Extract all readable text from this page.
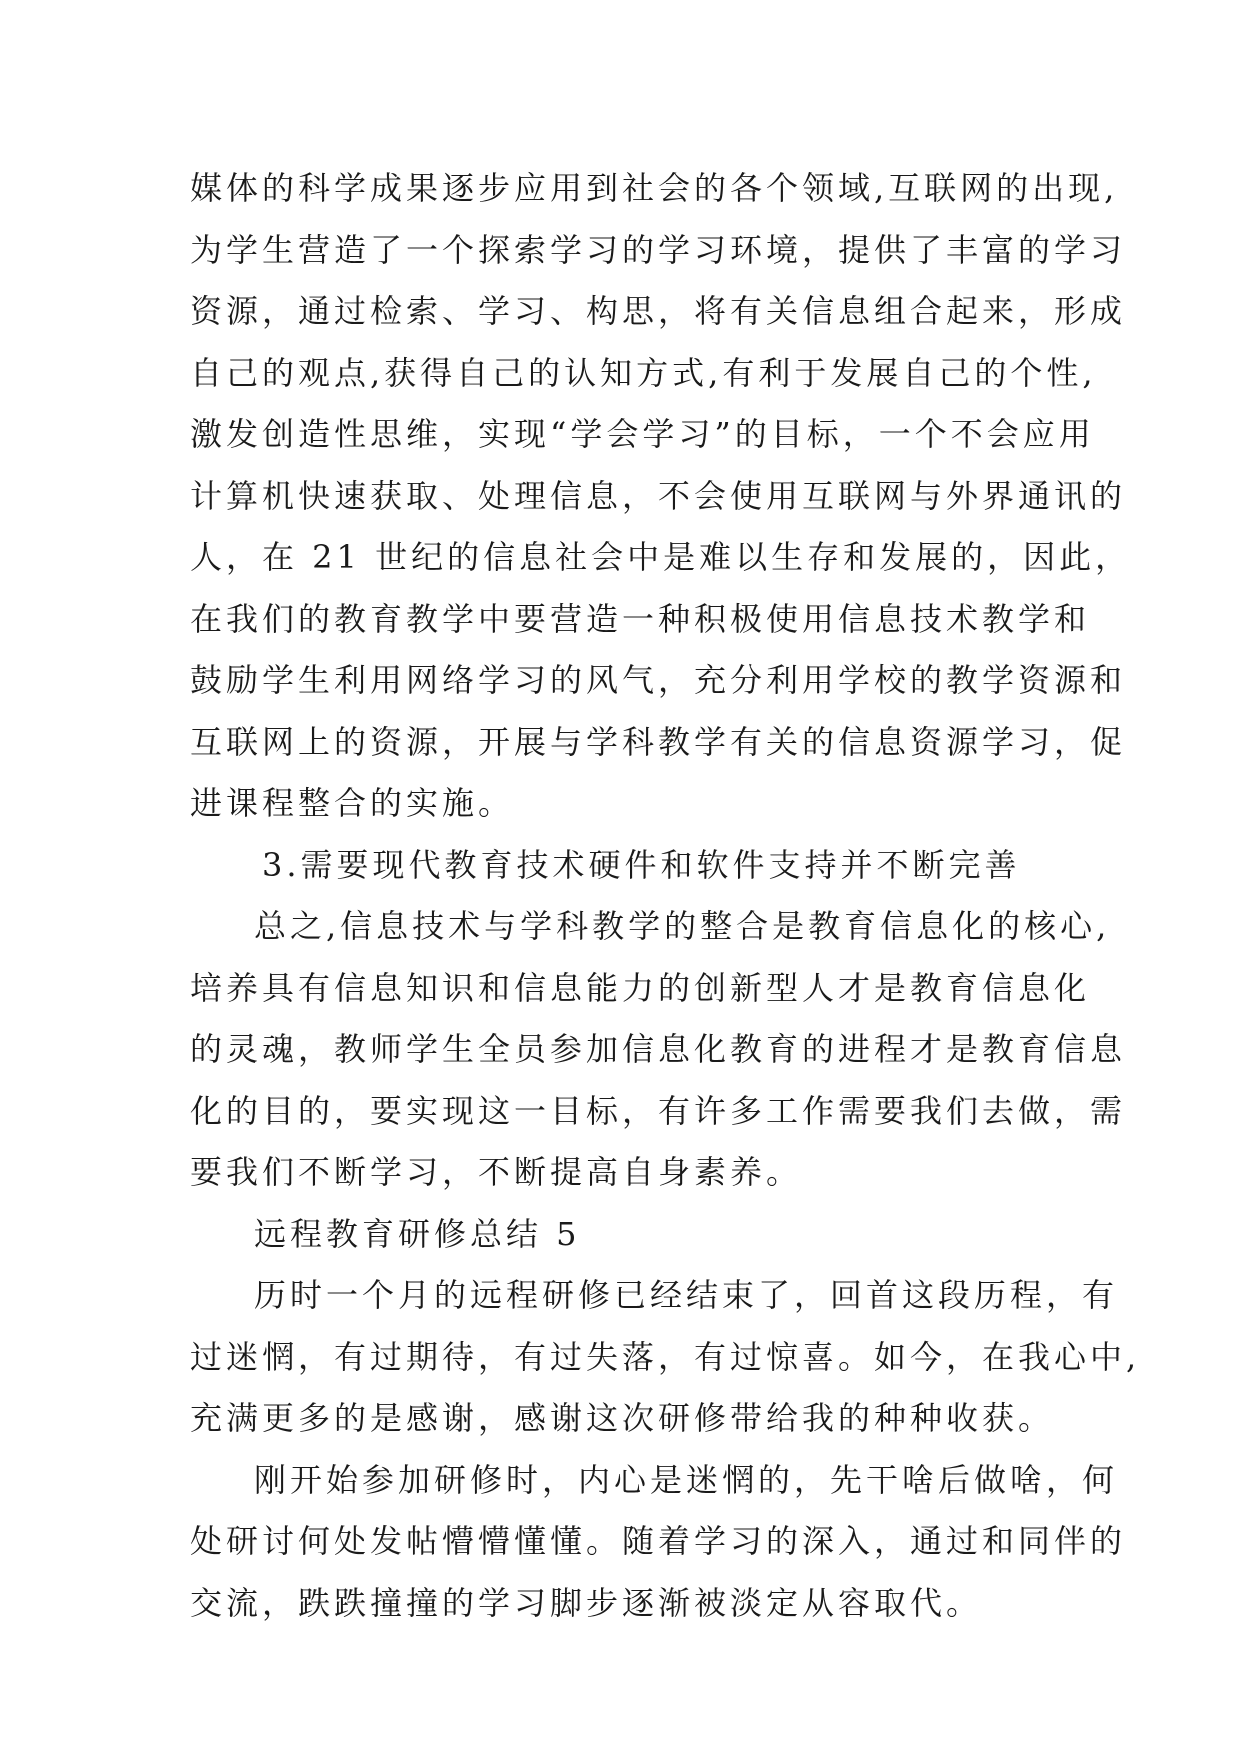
媒体的科学成果逐步应用到社会的各个领域,互联网的出现,
为学生营造了一个探索学习的学习环境，提供了丰富的学习
资源，通过检索、学习、构思，将有关信息组合起来，形成
自己的观点,获得自己的认知方式,有利于发展自己的个性,
激发创造性思维，实现“学会学习”的目标，一个不会应用
计算机快速获取、处理信息，不会使用互联网与外界通讯的
人，在 21 世纪的信息社会中是难以生存和发展的，因此，
在我们的教育教学中要营造一种积极使用信息技术教学和
鼓励学生利用网络学习的风气，充分利用学校的教学资源和
互联网上的资源，开展与学科教学有关的信息资源学习，促
进课程整合的实施。
3.需要现代教育技术硬件和软件支持并不断完善
总之,信息技术与学科教学的整合是教育信息化的核心,
培养具有信息知识和信息能力的创新型人才是教育信息化
的灵魂，教师学生全员参加信息化教育的进程才是教育信息
化的目的，要实现这一目标，有许多工作需要我们去做，需
要我们不断学习，不断提高自身素养。
远程教育研修总结 5
历时一个月的远程研修已经结束了，回首这段历程，有
过迷惘，有过期待，有过失落，有过惊喜。如今，在我心中,
充满更多的是感谢，感谢这次研修带给我的种种收获。
刚开始参加研修时，内心是迷惘的，先干啥后做啥，何
处研讨何处发帖懵懵懂懂。随着学习的深入，通过和同伴的
交流，跌跌撞撞的学习脚步逐渐被淡定从容取代。
